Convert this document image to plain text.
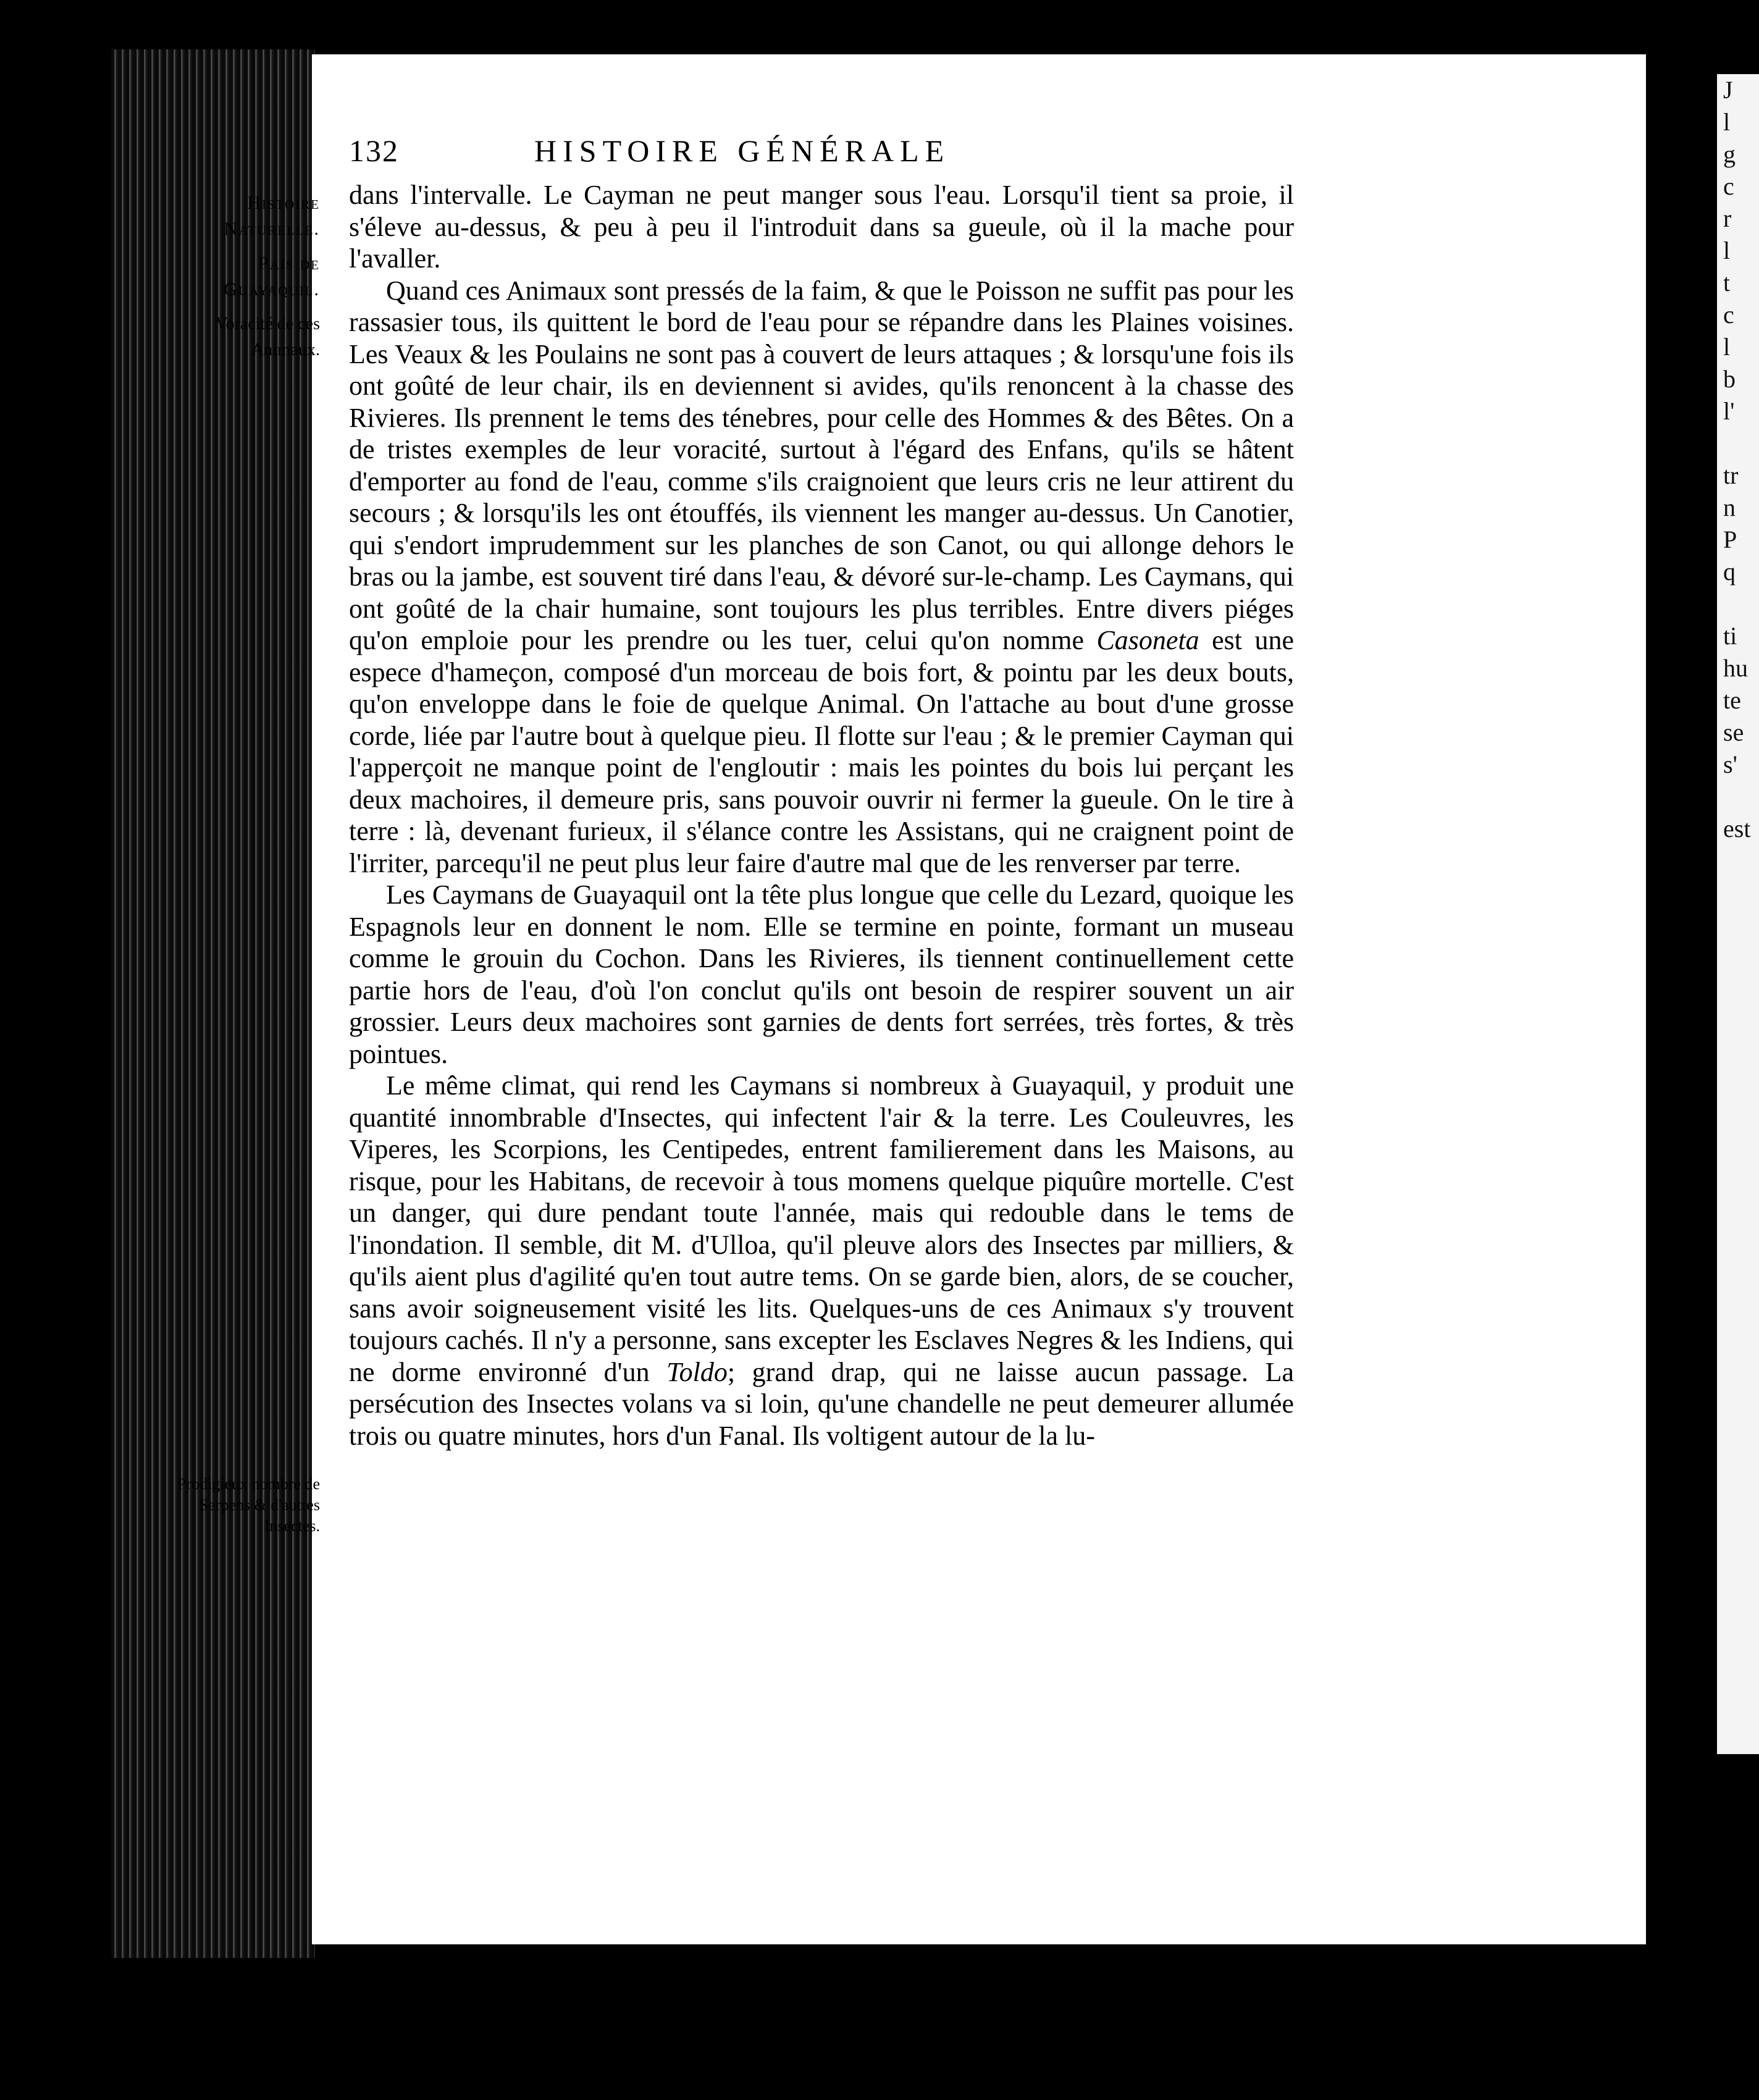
J
l
g
c
r
l
t
c
l
b
l'

tr
n
P
q

ti
hu
te
se
s'

est
132	HISTOIRE GÉNÉRALE
Histoire
Naturelle.
Païs de
Guayaquil.
Voracité de ces Animaux.
Prodigieux nombre de Serpens & d'autres Insectes.

dans l'intervalle. Le Cayman ne peut manger sous l'eau. Lorsqu'il tient sa proie, il s'éleve au-dessus, & peu à peu il l'introduit dans sa gueule, où il la mache pour l'avaller.

Quand ces Animaux sont pressés de la faim, & que le Poisson ne suffit pas pour les rassasier tous, ils quittent le bord de l'eau pour se répandre dans les Plaines voisines. Les Veaux & les Poulains ne sont pas à couvert de leurs attaques ; & lorsqu'une fois ils ont goûté de leur chair, ils en deviennent si avides, qu'ils renoncent à la chasse des Rivieres. Ils prennent le tems des ténebres, pour celle des Hommes & des Bêtes. On a de tristes exemples de leur voracité, surtout à l'égard des Enfans, qu'ils se hâtent d'emporter au fond de l'eau, comme s'ils craignoient que leurs cris ne leur attirent du secours ; & lorsqu'ils les ont étouffés, ils viennent les manger au-dessus. Un Canotier, qui s'endort imprudemment sur les planches de son Canot, ou qui allonge dehors le bras ou la jambe, est souvent tiré dans l'eau, & dévoré sur-le-champ. Les Caymans, qui ont goûté de la chair humaine, sont toujours les plus terribles. Entre divers piéges qu'on emploie pour les prendre ou les tuer, celui qu'on nomme Casoneta est une espece d'hameçon, composé d'un morceau de bois fort, & pointu par les deux bouts, qu'on enveloppe dans le foie de quelque Animal. On l'attache au bout d'une grosse corde, liée par l'autre bout à quelque pieu. Il flotte sur l'eau ; & le premier Cayman qui l'apperçoit ne manque point de l'engloutir : mais les pointes du bois lui perçant les deux machoires, il demeure pris, sans pouvoir ouvrir ni fermer la gueule. On le tire à terre : là, devenant furieux, il s'élance contre les Assistans, qui ne craignent point de l'irriter, parcequ'il ne peut plus leur faire d'autre mal que de les renverser par terre.

Les Caymans de Guayaquil ont la tête plus longue que celle du Lezard, quoique les Espagnols leur en donnent le nom. Elle se termine en pointe, formant un museau comme le grouin du Cochon. Dans les Rivieres, ils tiennent continuellement cette partie hors de l'eau, d'où l'on conclut qu'ils ont besoin de respirer souvent un air grossier. Leurs deux machoires sont garnies de dents fort serrées, très fortes, & très pointues.

Le même climat, qui rend les Caymans si nombreux à Guayaquil, y produit une quantité innombrable d'Insectes, qui infectent l'air & la terre. Les Couleuvres, les Viperes, les Scorpions, les Centipedes, entrent familierement dans les Maisons, au risque, pour les Habitans, de recevoir à tous momens quelque piquûre mortelle. C'est un danger, qui dure pendant toute l'année, mais qui redouble dans le tems de l'inondation. Il semble, dit M. d'Ulloa, qu'il pleuve alors des Insectes par milliers, & qu'ils aient plus d'agilité qu'en tout autre tems. On se garde bien, alors, de se coucher, sans avoir soigneusement visité les lits. Quelques-uns de ces Animaux s'y trouvent toujours cachés. Il n'y a personne, sans excepter les Esclaves Negres & les Indiens, qui ne dorme environné d'un Toldo; grand drap, qui ne laisse aucun passage. La persécution des Insectes volans va si loin, qu'une chandelle ne peut demeurer allumée trois ou quatre minutes, hors d'un Fanal. Ils voltigent autour de la lu-
